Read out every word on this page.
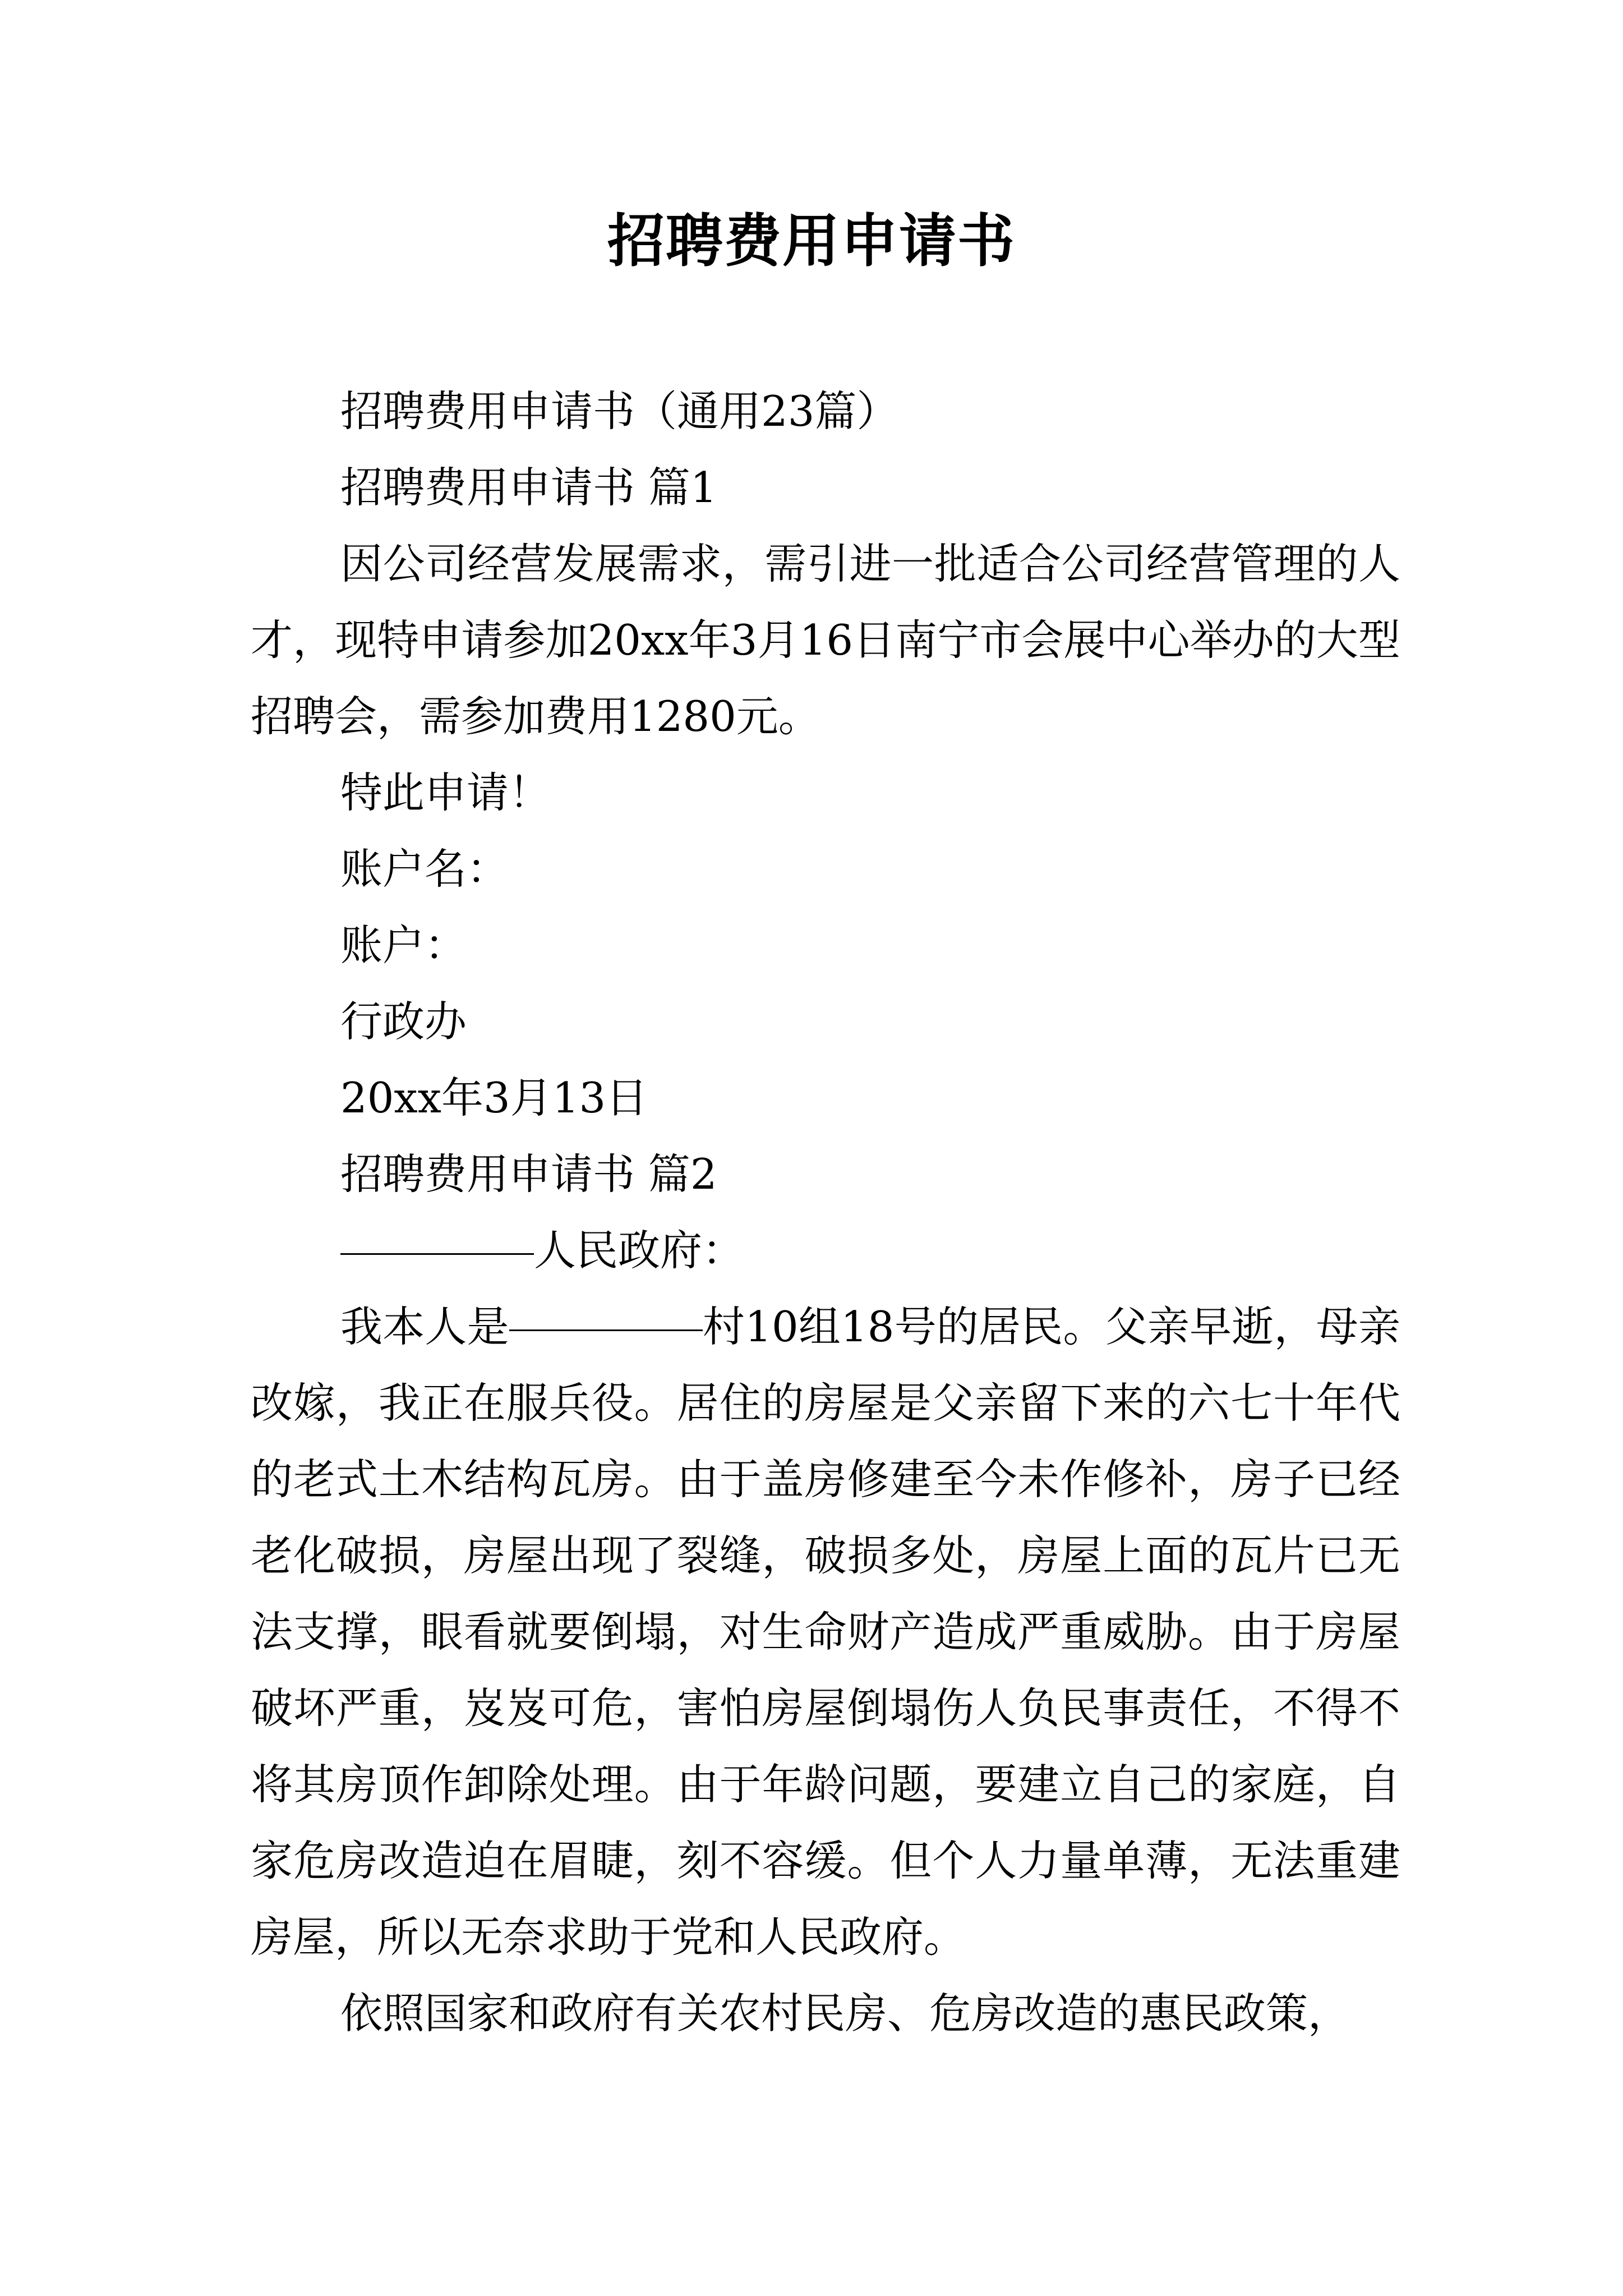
招聘费用申请书

招聘费用申请书（通用23篇）

招聘费用申请书 篇1

因公司经营发展需求，需引进一批适合公司经营管理的人才，现特申请参加20xx年3月16日南宁市会展中心举办的大型招聘会，需参加费用1280元。

特此申请！

账户名：

账户：

行政办

20xx年3月13日

招聘费用申请书 篇2

人民政府：

我本人是	村10组18号的居民。父亲早逝，母亲改嫁，我正在服兵役。居住的房屋是父亲留下来的六七十年代的老式土木结构瓦房。由于盖房修建至今未作修补，房子已经老化破损，房屋出现了裂缝，破损多处，房屋上面的瓦片已无法支撑，眼看就要倒塌，对生命财产造成严重威胁。由于房屋破坏严重，岌岌可危，害怕房屋倒塌伤人负民事责任，不得不将其房顶作卸除处理。由于年龄问题，要建立自己的家庭，自家危房改造迫在眉睫，刻不容缓。但个人力量单薄，无法重建房屋，所以无奈求助于党和人民政府。

依照国家和政府有关农村民房、危房改造的惠民政策，
